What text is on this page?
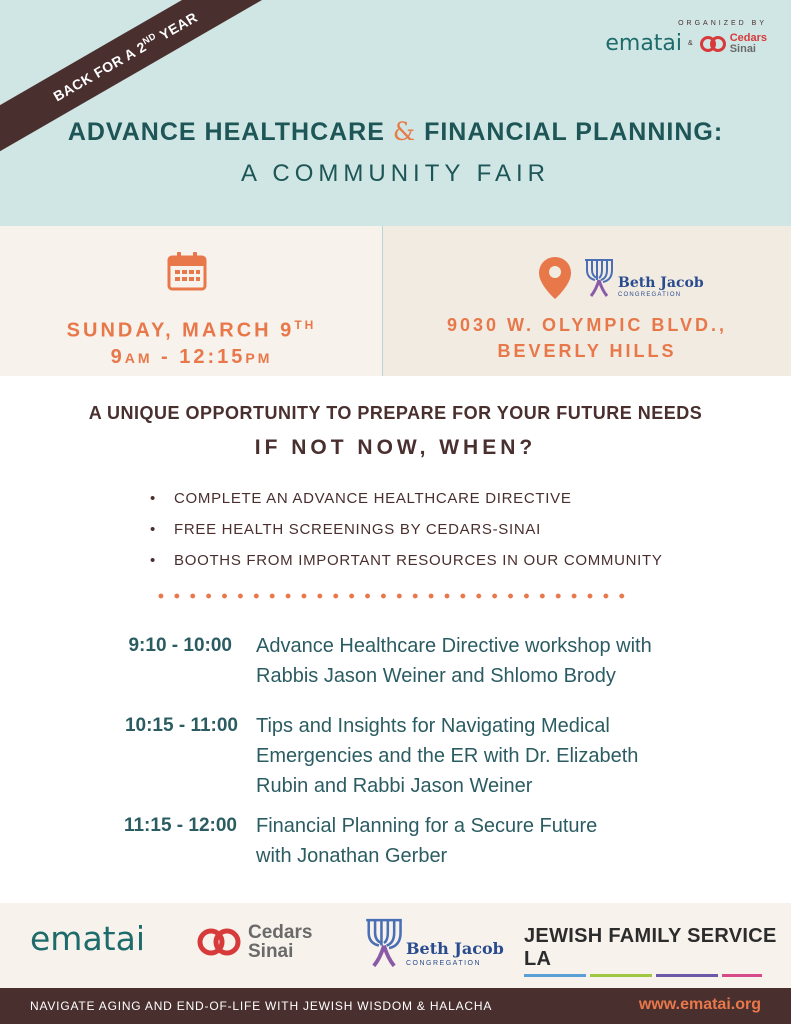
BACK FOR A 2ND YEAR	ORGANIZED BY
ematai &	Cedars
Sinai
ADVANCE HEALTHCARE & FINANCIAL PLANNING:
A COMMUNITY FAIR
SUNDAY, MARCH 9TH
9AM - 12:15PM
Beth Jacob
CONGREGATION
9030 W. OLYMPIC BLVD.,
BEVERLY HILLS
A UNIQUE OPPORTUNITY TO PREPARE FOR YOUR FUTURE NEEDS
IF NOT NOW, WHEN?
• COMPLETE AN ADVANCE HEALTHCARE DIRECTIVE
• FREE HEALTH SCREENINGS BY CEDARS-SINAI
• BOOTHS FROM IMPORTANT RESOURCES IN OUR COMMUNITY
9:10 - 10:00 Advance Healthcare Directive workshop with
Rabbis Jason Weiner and Shlomo Brody
10:15 - 11:00 Tips and Insights for Navigating Medical
Emergencies and the ER with Dr. Elizabeth
Rubin and Rabbi Jason Weiner
11:15 - 12:00 Financial Planning for a Secure Future
with Jonathan Gerber
ematai	Cedars
Sinai	Beth Jacob
CONGREGATION
JEWISH FAMILY SERVICE LA
NAVIGATE AGING AND END-OF-LIFE WITH JEWISH WISDOM & HALACHA	www.ematai.org
